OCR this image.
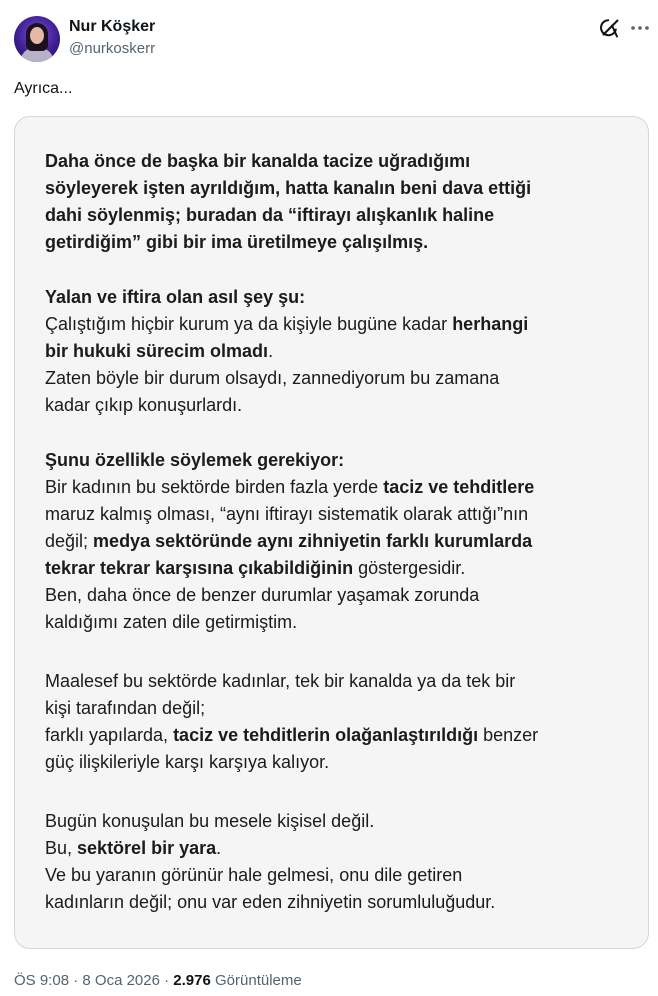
Nur Köşker
@nurkoskerr
Ayrıca...
Daha önce de başka bir kanalda tacize uğradığımı
söyleyerek işten ayrıldığım, hatta kanalın beni dava ettiği
dahi söylenmiş; buradan da “iftirayı alışkanlık haline
getirdiğim” gibi bir ima üretilmeye çalışılmış.
Yalan ve iftira olan asıl şey şu:
Çalıştığım hiçbir kurum ya da kişiyle bugüne kadar herhangi
bir hukuki sürecim olmadı.
Zaten böyle bir durum olsaydı, zannediyorum bu zamana
kadar çıkıp konuşurlardı.
Şunu özellikle söylemek gerekiyor:
Bir kadının bu sektörde birden fazla yerde taciz ve tehditlere
maruz kalmış olması, “aynı iftirayı sistematik olarak attığı”nın
değil; medya sektöründe aynı zihniyetin farklı kurumlarda
tekrar tekrar karşısına çıkabildiğinin göstergesidir.
Ben, daha önce de benzer durumlar yaşamak zorunda
kaldığımı zaten dile getirmiştim.
Maalesef bu sektörde kadınlar, tek bir kanalda ya da tek bir
kişi tarafından değil;
farklı yapılarda, taciz ve tehditlerin olağanlaştırıldığı benzer
güç ilişkileriyle karşı karşıya kalıyor.
Bugün konuşulan bu mesele kişisel değil.
Bu, sektörel bir yara.
Ve bu yaranın görünür hale gelmesi, onu dile getiren
kadınların değil; onu var eden zihniyetin sorumluluğudur.
ÖS 9:08 · 8 Oca 2026 · 2.976 Görüntüleme
